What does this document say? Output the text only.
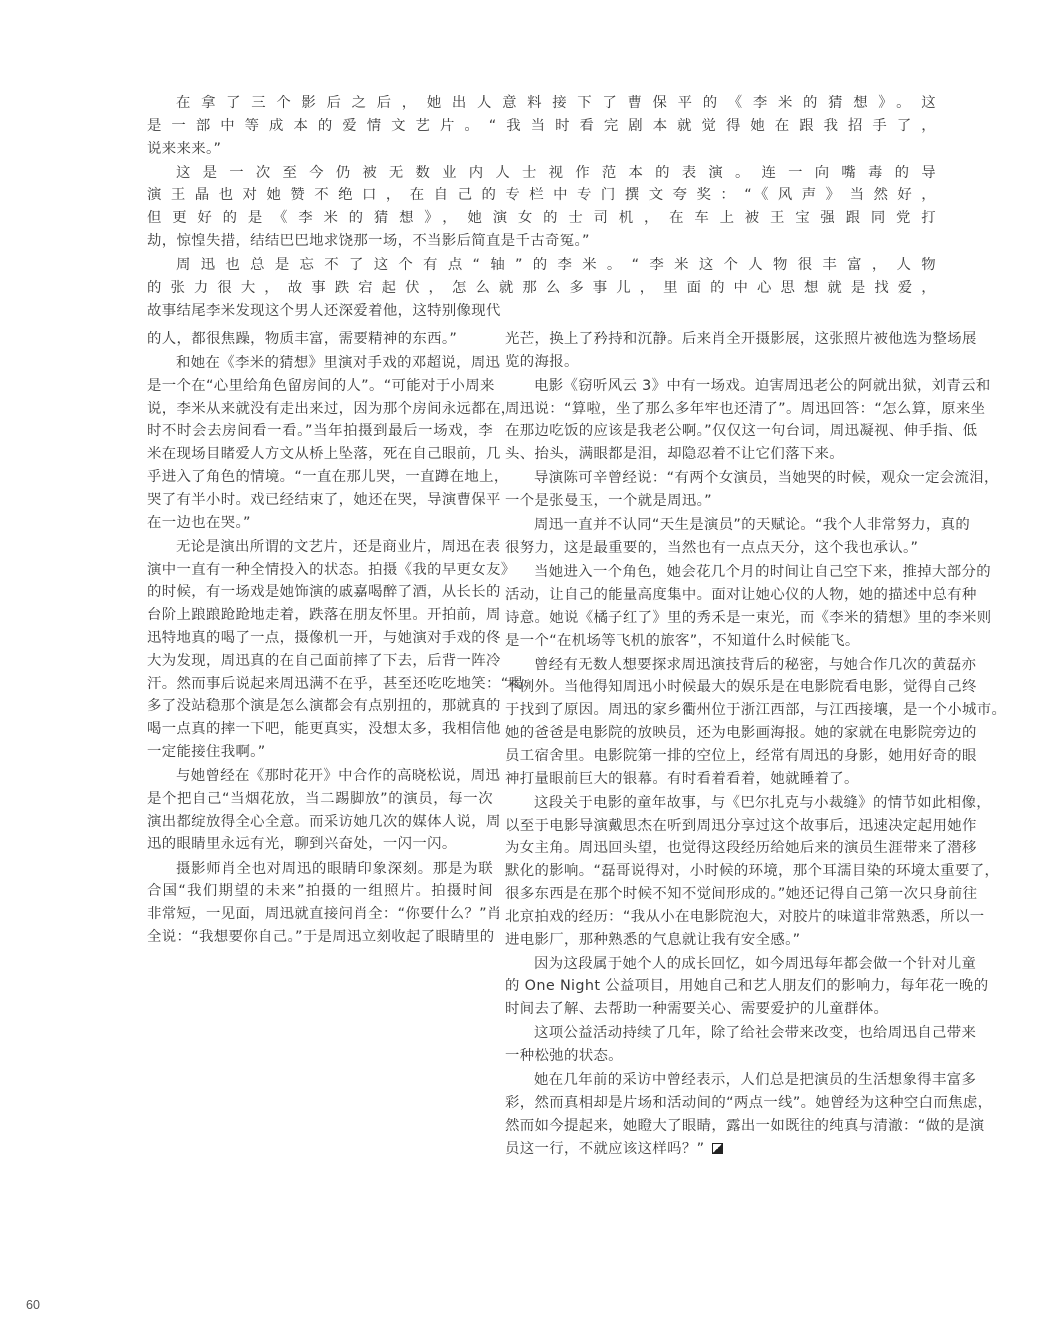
在拿了三个影后之后，她出人意料接下了曹保平的《李米的猜想》。这
是一部中等成本的爱情文艺片。“我当时看完剧本就觉得她在跟我招手了，
说来来来。”
这是一次至今仍被无数业内人士视作范本的表演。连一向嘴毒的导
演王晶也对她赞不绝口，在自己的专栏中专门撰文夸奖：“《风声》当然好，
但更好的是《李米的猜想》，她演女的士司机，在车上被王宝强跟同党打
劫，惊惶失措，结结巴巴地求饶那一场，不当影后简直是千古奇冤。”
周迅也总是忘不了这个有点“轴”的李米。“李米这个人物很丰富，人物
的张力很大，故事跌宕起伏，怎么就那么多事儿，里面的中心思想就是找爱，
故事结尾李米发现这个男人还深爱着他，这特别像现代
的人，都很焦躁，物质丰富，需要精神的东西。”
和她在《李米的猜想》里演对手戏的邓超说，周迅
是一个在“心里给角色留房间的人”。“可能对于小周来
说，李米从来就没有走出来过，因为那个房间永远都在，
时不时会去房间看一看。”当年拍摄到最后一场戏，李
米在现场目睹爱人方文从桥上坠落，死在自己眼前，几
乎进入了角色的情境。“一直在那儿哭，一直蹲在地上，
哭了有半小时。戏已经结束了，她还在哭，导演曹保平
在一边也在哭。”
无论是演出所谓的文艺片，还是商业片，周迅在表
演中一直有一种全情投入的状态。拍摄《我的早更女友》
的时候，有一场戏是她饰演的戚嘉喝醉了酒，从长长的
台阶上踉踉跄跄地走着，跌落在朋友怀里。开拍前，周
迅特地真的喝了一点，摄像机一开，与她演对手戏的佟
大为发现，周迅真的在自己面前摔了下去，后背一阵冷
汗。然而事后说起来周迅满不在乎，甚至还吃吃地笑：“喝
多了没站稳那个演是怎么演都会有点别扭的，那就真的
喝一点真的摔一下吧，能更真实，没想太多，我相信他
一定能接住我啊。”
与她曾经在《那时花开》中合作的高晓松说，周迅
是个把自己“当烟花放，当二踢脚放”的演员，每一次
演出都绽放得全心全意。而采访她几次的媒体人说，周
迅的眼睛里永远有光，聊到兴奋处，一闪一闪。
摄影师肖全也对周迅的眼睛印象深刻。那是为联
合国“我们期望的未来”拍摄的一组照片。拍摄时间
非常短，一见面，周迅就直接问肖全：“你要什么？”肖
全说：“我想要你自己。”于是周迅立刻收起了眼睛里的
光芒，换上了矜持和沉静。后来肖全开摄影展，这张照片被他选为整场展
览的海报。
电影《窃听风云 3》中有一场戏。迫害周迅老公的阿就出狱，刘青云和
周迅说：“算啦，坐了那么多年牢也还清了”。周迅回答：“怎么算，原来坐
在那边吃饭的应该是我老公啊。”仅仅这一句台词，周迅凝视、伸手指、低
头、抬头，满眼都是泪，却隐忍着不让它们落下来。
导演陈可辛曾经说：“有两个女演员，当她哭的时候，观众一定会流泪，
一个是张曼玉，一个就是周迅。”
周迅一直并不认同“天生是演员”的天赋论。“我个人非常努力，真的
很努力，这是最重要的，当然也有一点点天分，这个我也承认。”
当她进入一个角色，她会花几个月的时间让自己空下来，推掉大部分的
活动，让自己的能量高度集中。面对让她心仪的人物，她的描述中总有种
诗意。她说《橘子红了》里的秀禾是一束光，而《李米的猜想》里的李米则
是一个“在机场等飞机的旅客”，不知道什么时候能飞。
曾经有无数人想要探求周迅演技背后的秘密，与她合作几次的黄磊亦
不例外。当他得知周迅小时候最大的娱乐是在电影院看电影，觉得自己终
于找到了原因。周迅的家乡衢州位于浙江西部，与江西接壤，是一个小城市。
她的爸爸是电影院的放映员，还为电影画海报。她的家就在电影院旁边的
员工宿舍里。电影院第一排的空位上，经常有周迅的身影，她用好奇的眼
神打量眼前巨大的银幕。有时看着看着，她就睡着了。
这段关于电影的童年故事，与《巴尔扎克与小裁缝》的情节如此相像，
以至于电影导演戴思杰在听到周迅分享过这个故事后，迅速决定起用她作
为女主角。周迅回头望，也觉得这段经历给她后来的演员生涯带来了潜移
默化的影响。“磊哥说得对，小时候的环境，那个耳濡目染的环境太重要了，
很多东西是在那个时候不知不觉间形成的。”她还记得自己第一次只身前往
北京拍戏的经历：“我从小在电影院泡大，对胶片的味道非常熟悉，所以一
进电影厂，那种熟悉的气息就让我有安全感。”
因为这段属于她个人的成长回忆，如今周迅每年都会做一个针对儿童
的 One Night 公益项目，用她自己和艺人朋友们的影响力，每年花一晚的
时间去了解、去帮助一种需要关心、需要爱护的儿童群体。
这项公益活动持续了几年，除了给社会带来改变，也给周迅自己带来
一种松弛的状态。
她在几年前的采访中曾经表示，人们总是把演员的生活想象得丰富多
彩，然而真相却是片场和活动间的“两点一线”。她曾经为这种空白而焦虑，
然而如今提起来，她瞪大了眼睛，露出一如既往的纯真与清澈：“做的是演
员这一行，不就应该这样吗？”
60
